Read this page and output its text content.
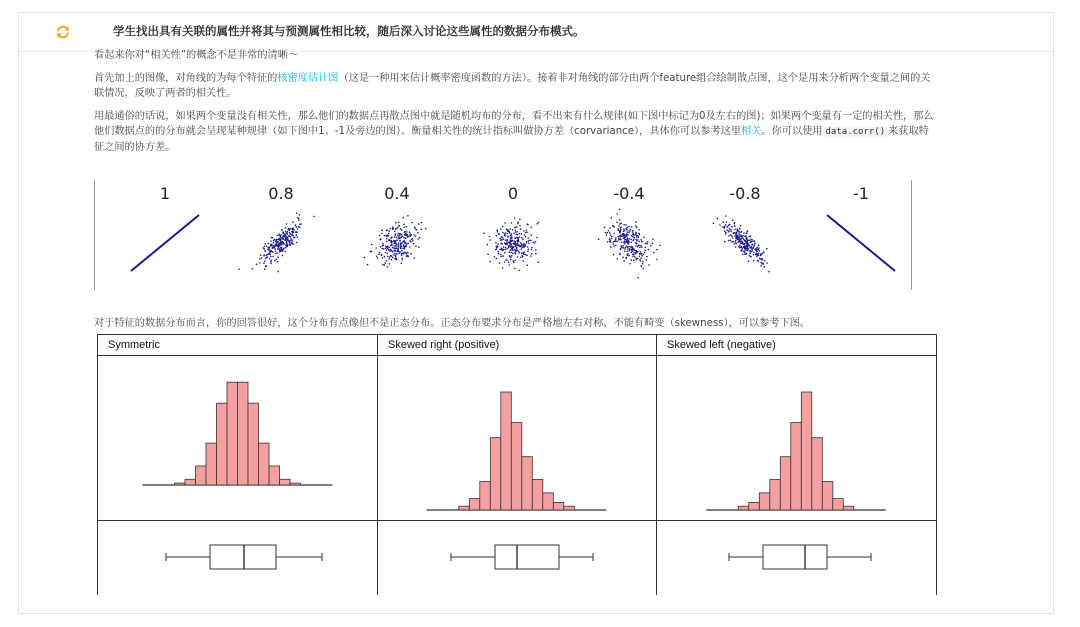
学生找出具有关联的属性并将其与预测属性相比较，随后深入讨论这些属性的数据分布模式。

看起来你对“相关性”的概念不是非常的清晰～

首先加上的图像，对角线的为每个特征的核密度估计图（这是一种用来估计概率密度函数的方法）。接着非对角线的部分由两个feature组合绘制散点图，这个是用来分析两个变量之间的关联情况，反映了两者的相关性。

用最通俗的话说，如果两个变量没有相关性，那么他们的数据点再散点图中就是随机均布的分布，看不出来有什么规律(如下图中标记为0及左右的图)；如果两个变量有一定的相关性，那么他们数据点的的分布就会呈现某种规律（如下图中1、-1及旁边的图）。衡量相关性的统计指标叫做协方差（corvariance），具体你可以参考这里相关。你可以使用 data.corr() 来获取特征之间的协方差。

1	0.8	0.4	0	-0.4	-0.8	-1

对于特征的数据分布而言，你的回答很好，这个分布有点像但不是正态分布。正态分布要求分布是严格地左右对称，不能有畸变（skewness），可以参考下图。

Symmetric	Skewed right (positive)	Skewed left (negative)
